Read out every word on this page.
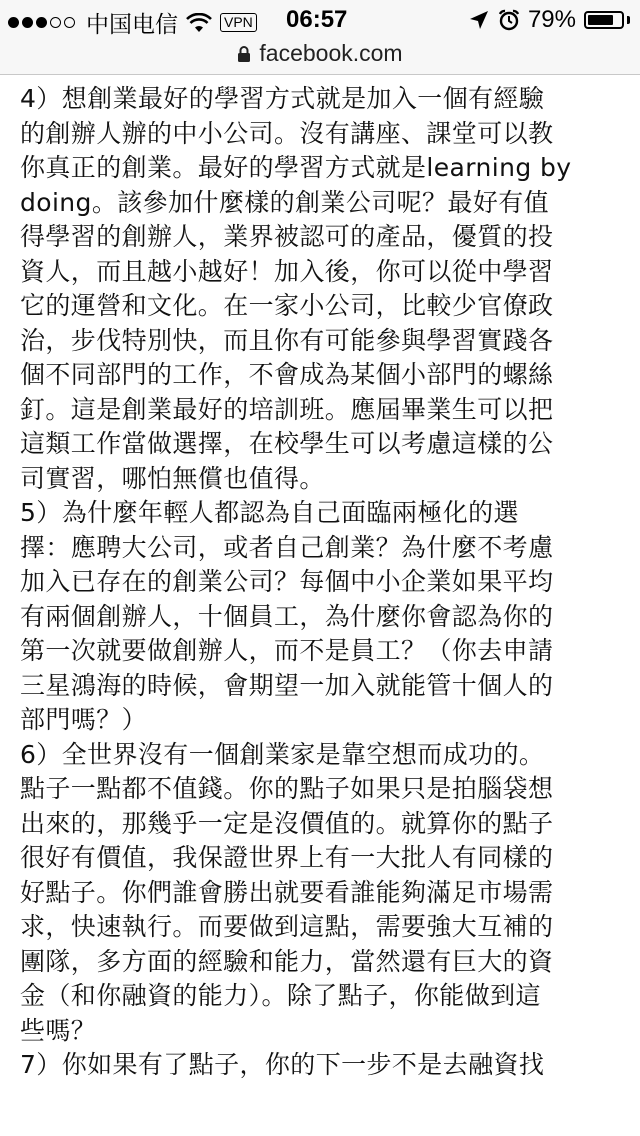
中国电信	VPN 06:57	79%
facebook.com

4）想創業最好的學習方式就是加入一個有經驗

的創辦人辦的中小公司。沒有講座、課堂可以教

你真正的創業。最好的學習方式就是learning by

doing。該參加什麼樣的創業公司呢？最好有值

得學習的創辦人，業界被認可的產品，優質的投

資人，而且越小越好！加入後，你可以從中學習

它的運營和文化。在一家小公司，比較少官僚政

治，步伐特別快，而且你有可能參與學習實踐各

個不同部門的工作，不會成為某個小部門的螺絲

釘。這是創業最好的培訓班。應屆畢業生可以把

這類工作當做選擇，在校學生可以考慮這樣的公

司實習，哪怕無償也值得。

5）為什麼年輕人都認為自己面臨兩極化的選

擇：應聘大公司，或者自己創業？為什麼不考慮

加入已存在的創業公司？每個中小企業如果平均

有兩個創辦人，十個員工，為什麼你會認為你的

第一次就要做創辦人，而不是員工？（你去申請

三星鴻海的時候，會期望一加入就能管十個人的

部門嗎？）

6）全世界沒有一個創業家是靠空想而成功的。

點子一點都不值錢。你的點子如果只是拍腦袋想

出來的，那幾乎一定是沒價值的。就算你的點子

很好有價值，我保證世界上有一大批人有同樣的

好點子。你們誰會勝出就要看誰能夠滿足市場需

求，快速執行。而要做到這點，需要強大互補的

團隊，多方面的經驗和能力，當然還有巨大的資

金（和你融資的能力）。除了點子，你能做到這

些嗎？

7）你如果有了點子，你的下一步不是去融資找
